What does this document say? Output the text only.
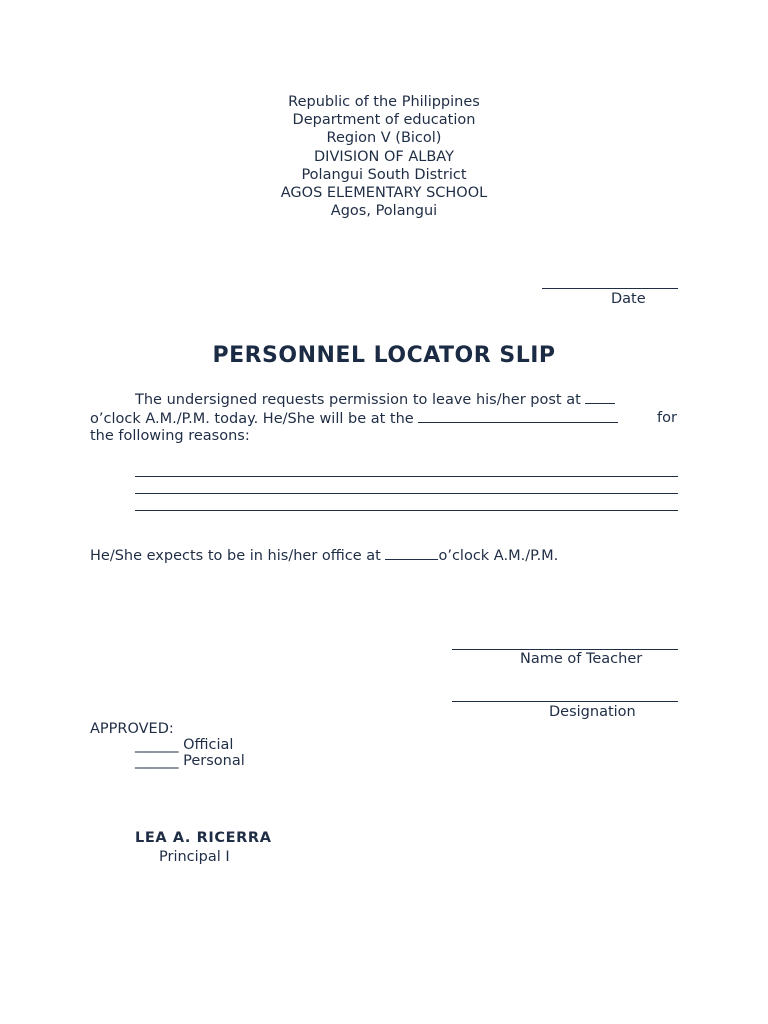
Republic of the Philippines
Department of education
Region V (Bicol)
DIVISION OF ALBAY
Polangui South District
AGOS ELEMENTARY SCHOOL
Agos, Polangui
Date
PERSONNEL LOCATOR SLIP
The undersigned requests permission to leave his/her post at
o’clock A.M./P.M. today. He/She will be at the	for
the following reasons:
He/She expects to be in his/her office at	o’clock A.M./P.M.
Name of Teacher
Designation
APPROVED:
______ Official
______ Personal
LEA A. RICERRA
Principal I
